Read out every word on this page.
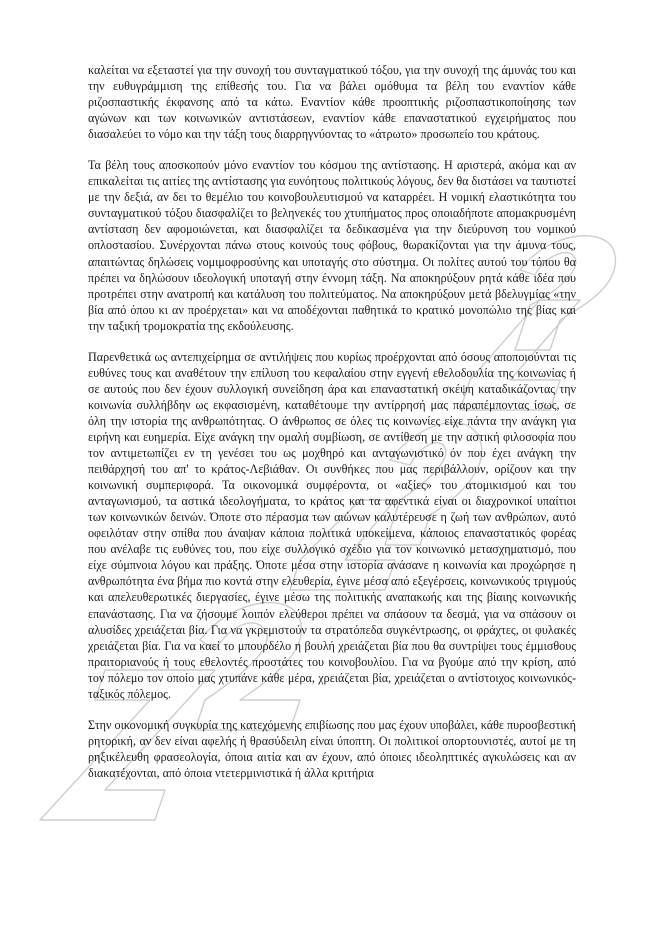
καλείται να εξεταστεί για την συνοχή του συνταγματικού τόξου, για την συνοχή της άμυνάς του και την ευθυγράμμιση της επίθεσής του. Για να βάλει ομόθυμα τα βέλη του εναντίον κάθε ριζοσπαστικής έκφανσης από τα κάτω. Εναντίον κάθε προοπτικής ριζοσπαστικοποίησης των αγώνων και των κοινωνικών αντιστάσεων, εναντίον κάθε επαναστατικού εγχειρήματος που διασαλεύει το νόμο και την τάξη τους διαρρηγνύοντας το «άτρωτο» προσωπείο του κράτους.

Τα βέλη τους αποσκοπούν μόνο εναντίον του κόσμου της αντίστασης. Η αριστερά, ακόμα και αν επικαλείται τις αιτίες της αντίστασης για ευνόητους πολιτικούς λόγους, δεν θα διστάσει να ταυτιστεί με την δεξιά, αν δει το θεμέλιο του κοινοβουλευτισμού να καταρρέει. Η νομική ελαστικότητα του συνταγματικού τόξου διασφαλίζει το βεληνεκές του χτυπήματος προς οποιαδήποτε απομακρυσμένη αντίσταση δεν αφομοιώνεται, και διασφαλίζει τα δεδικασμένα για την διεύρυνση του νομικού οπλοστασίου. Συνέρχονται πάνω στους κοινούς τους φόβους, θωρακίζονται για την άμυνα τους, απαιτώντας δηλώσεις νομιμοφροσύνης και υποταγής στο σύστημα. Οι πολίτες αυτού του τόπου θα πρέπει να δηλώσουν ιδεολογική υποταγή στην έννομη τάξη. Να αποκηρύξουν ρητά κάθε ιδέα που προτρέπει στην ανατροπή και κατάλυση του πολιτεύματος. Να αποκηρύξουν μετά βδελυγμίας «την βία από όπου κι αν προέρχεται» και να αποδέχονται παθητικά το κρατικό μονοπώλιο της βίας και την ταξική τρομοκρατία της εκδούλευσης.

Παρενθετικά ως αντεπιχείρημα σε αντιλήψεις που κυρίως προέρχονται από όσους αποποιούνται τις ευθύνες τους και αναθέτουν την επίλυση του κεφαλαίου στην εγγενή εθελοδουλία της κοινωνίας ή σε αυτούς που δεν έχουν συλλογική συνείδηση άρα και επαναστατική σκέψη καταδικάζοντας την κοινωνία συλλήβδην ως εκφασισμένη, καταθέτουμε την αντίρρησή μας παραπέμποντας ίσως, σε όλη την ιστορία της ανθρωπότητας. Ο άνθρωπος σε όλες τις κοινωνίες είχε πάντα την ανάγκη για ειρήνη και ευημερία. Είχε ανάγκη την ομαλή συμβίωση, σε αντίθεση με την αστική φιλοσοφία που τον αντιμετωπίζει εν τη γενέσει του ως μοχθηρό και ανταγωνιστικό όν που έχει ανάγκη την πειθάρχησή του απ' το κράτος-Λεβιάθαν. Οι συνθήκες που μας περιβάλλουν, ορίζουν και την κοινωνική συμπεριφορά. Τα οικονομικά συμφέροντα, οι «αξίες» του ατομικισμού και του ανταγωνισμού, τα αστικά ιδεολογήματα, το κράτος και τα αφεντικά είναι οι διαχρονικοί υπαίτιοι των κοινωνικών δεινών. Όποτε στο πέρασμα των αιώνων καλυτέρευσε η ζωή των ανθρώπων, αυτό οφειλόταν στην σπίθα που άναψαν κάποια πολιτικά υποκείμενα, κάποιος επαναστατικός φορέας που ανέλαβε τις ευθύνες του, που είχε συλλογικό σχέδιο για τον κοινωνικό μετασχηματισμό, που είχε σύμπνοια λόγου και πράξης. Όποτε μέσα στην ιστορία ανάσανε η κοινωνία και προχώρησε η ανθρωπότητα ένα βήμα πιο κοντά στην ελευθερία, έγινε μέσα από εξεγέρσεις, κοινωνικούς τριγμούς και απελευθερωτικές διεργασίες, έγινε μέσω της πολιτικής αναπακωής και της βίαιης κοινωνικής επανάστασης. Για να ζήσουμε λοιπόν ελεύθεροι πρέπει να σπάσουν τα δεσμά, για να σπάσουν οι αλυσίδες χρειάζεται βία. Για να γκρεμιστούν τα στρατόπεδα συγκέντρωσης, οι φράχτες, οι φυλακές χρειάζεται βία. Για να καεί το μπουρδέλο η βουλή χρειάζεται βία που θα συντρίψει τους έμμισθους πραιτοριανούς ή τους εθελοντές προστάτες του κοινοβουλίου. Για να βγούμε από την κρίση, από τον πόλεμο τον οποίο μας χτυπάνε κάθε μέρα, χρειάζεται βία, χρειάζεται ο αντίστοιχος κοινωνικός- ταξικός πόλεμος.

Στην οικονομική συγκυρία της κατεχόμενης επιβίωσης που μας έχουν υποβάλει, κάθε πυροσβεστική ρητορική, αν δεν είναι αφελής ή θρασύδειλη είναι ύποπτη. Οι πολιτικοί οπορτουνιστές, αυτοί με τη ρηξικέλευθη φρασεολογία, όποια αιτία και αν έχουν, από όποιες ιδεοληπτικές αγκυλώσεις και αν διακατέχονται, από όποια ντετερμινιστικά ή άλλα κριτήρια
